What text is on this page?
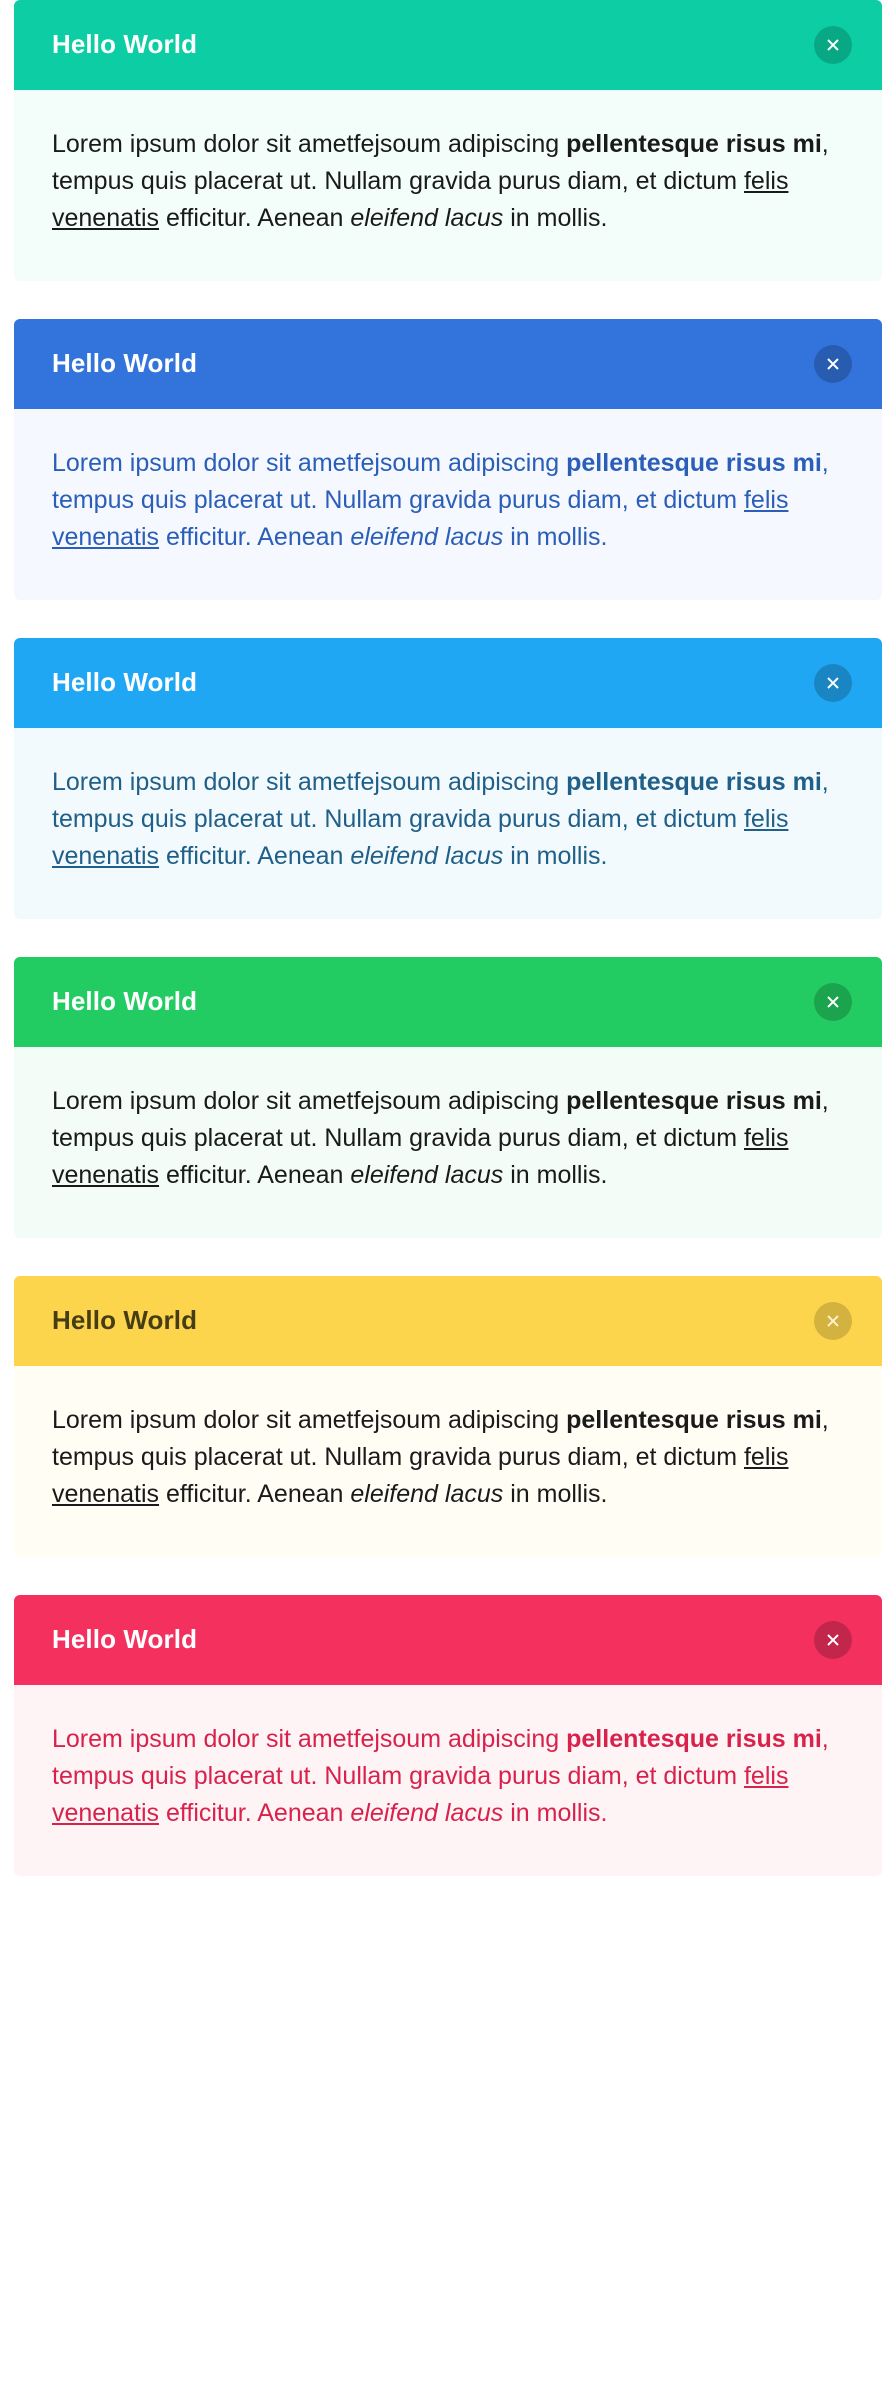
Hello World

Lorem ipsum dolor sit ametfejsoum adipiscing pellentesque risus mi, tempus quis placerat ut. Nullam gravida purus diam, et dictum felis venenatis efficitur. Aenean eleifend lacus in mollis.

Hello World

Lorem ipsum dolor sit ametfejsoum adipiscing pellentesque risus mi, tempus quis placerat ut. Nullam gravida purus diam, et dictum felis venenatis efficitur. Aenean eleifend lacus in mollis.

Hello World

Lorem ipsum dolor sit ametfejsoum adipiscing pellentesque risus mi, tempus quis placerat ut. Nullam gravida purus diam, et dictum felis venenatis efficitur. Aenean eleifend lacus in mollis.

Hello World

Lorem ipsum dolor sit ametfejsoum adipiscing pellentesque risus mi, tempus quis placerat ut. Nullam gravida purus diam, et dictum felis venenatis efficitur. Aenean eleifend lacus in mollis.

Hello World

Lorem ipsum dolor sit ametfejsoum adipiscing pellentesque risus mi, tempus quis placerat ut. Nullam gravida purus diam, et dictum felis venenatis efficitur. Aenean eleifend lacus in mollis.

Hello World

Lorem ipsum dolor sit ametfejsoum adipiscing pellentesque risus mi, tempus quis placerat ut. Nullam gravida purus diam, et dictum felis venenatis efficitur. Aenean eleifend lacus in mollis.
